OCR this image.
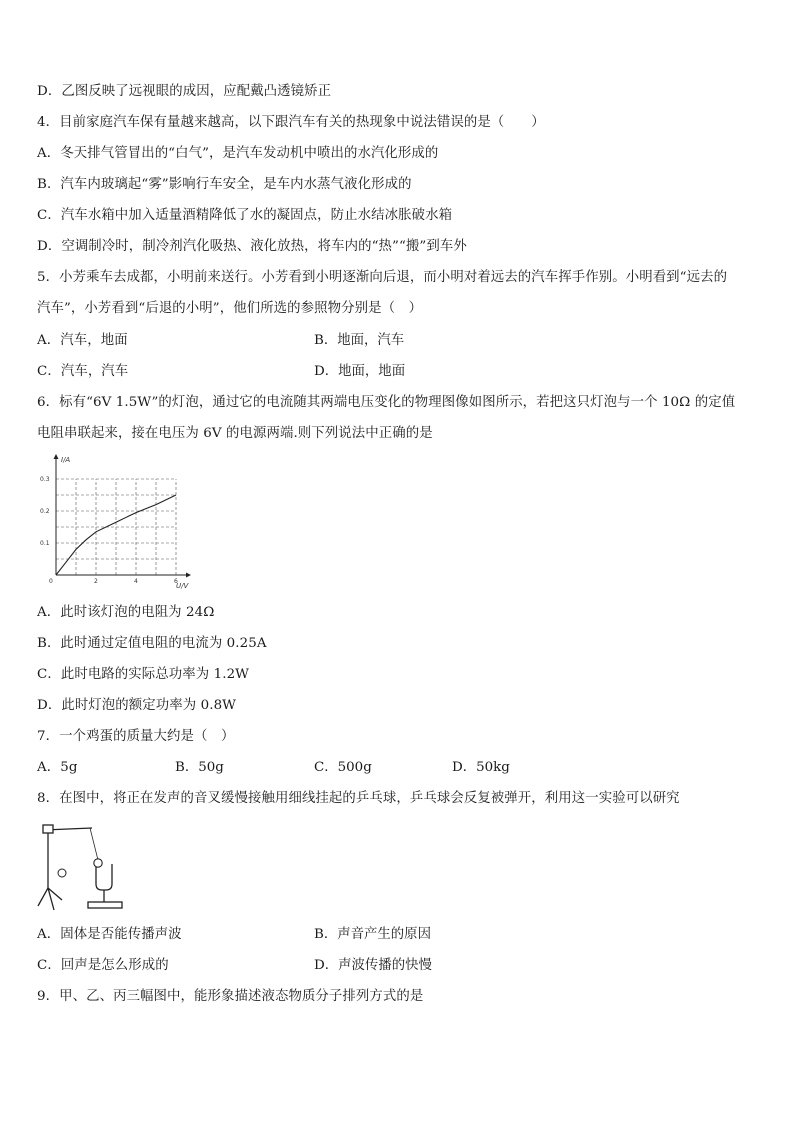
D．乙图反映了远视眼的成因，应配戴凸透镜矫正
4．目前家庭汽车保有量越来越高，以下跟汽车有关的热现象中说法错误的是（　　）
A．冬天排气管冒出的“白气”，是汽车发动机中喷出的水汽化形成的
B．汽车内玻璃起“雾”影响行车安全，是车内水蒸气液化形成的
C．汽车水箱中加入适量酒精降低了水的凝固点，防止水结冰胀破水箱
D．空调制冷时，制冷剂汽化吸热、液化放热，将车内的“热”“搬”到车外
5．小芳乘车去成都，小明前来送行。小芳看到小明逐渐向后退，而小明对着远去的汽车挥手作别。小明看到“远去的
汽车”，小芳看到“后退的小明”，他们所选的参照物分别是（　）
A．汽车，地面	B．地面，汽车
C．汽车，汽车	D．地面，地面
6．标有“6V 1.5W”的灯泡，通过它的电流随其两端电压变化的物理图像如图所示，若把这只灯泡与一个 10Ω 的定值
电阻串联起来，接在电压为 6V 的电源两端.则下列说法中正确的是
0	2	4	6
0.1
0.2
0.3
I/A
U/V
A．此时该灯泡的电阻为 24Ω
B．此时通过定值电阻的电流为 0.25A
C．此时电路的实际总功率为 1.2W
D．此时灯泡的额定功率为 0.8W
7．一个鸡蛋的质量大约是（　）
A．5g	B．50g	C．500g	D．50kg
8．在图中，将正在发声的音叉缓慢接触用细线挂起的乒乓球，乒乓球会反复被弹开，利用这一实验可以研究
A．固体是否能传播声波	B．声音产生的原因
C．回声是怎么形成的	D．声波传播的快慢
9．甲、乙、丙三幅图中，能形象描述液态物质分子排列方式的是
